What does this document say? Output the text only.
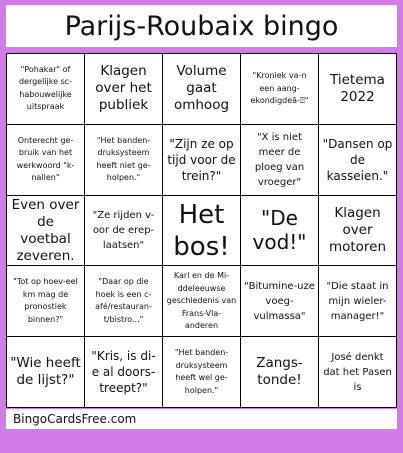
Parijs-Roubaix bingo
"Pohakar" of dergelijke sc-habouwelijke uitspraak
Klagen over het publiek
Volume gaat omhoog
"Kroniek va-n een aang-ekondigdeā-⍰"
Tietema 2022
Onterecht ge-bruik van het werkwoord "k-nallen"
"Het banden-druksysteem heeft niet ge-holpen."
"Zijn ze op tijd voor de trein?"
"X is niet meer de ploeg van vroeger"
"Dansen op de kasseien."
Even over de voetbal zeveren.
"Ze rijden v-oor de erep-laatsen"
Het bos!
"De vod!"
Klagen over motoren
"Tot op hoev-eel km mag de pronostiek binnen?"
"Daar op die hoek is een c-afé/restauran-t/bistro..."
Karl en de Mi-ddeleeuwse geschiedenis van Frans-Vla-anderen
"Bitumine-uze voeg-vulmassa"
"Die staat in mijn wieler-manager!"
"Wie heeft de lijst?"
"Kris, is di-e al doors-treept?"
"Het banden-druksysteem heeft wel ge-holpen."
Zangs-tonde!
José denkt dat het Pasen is
BingoCardsFree.com
